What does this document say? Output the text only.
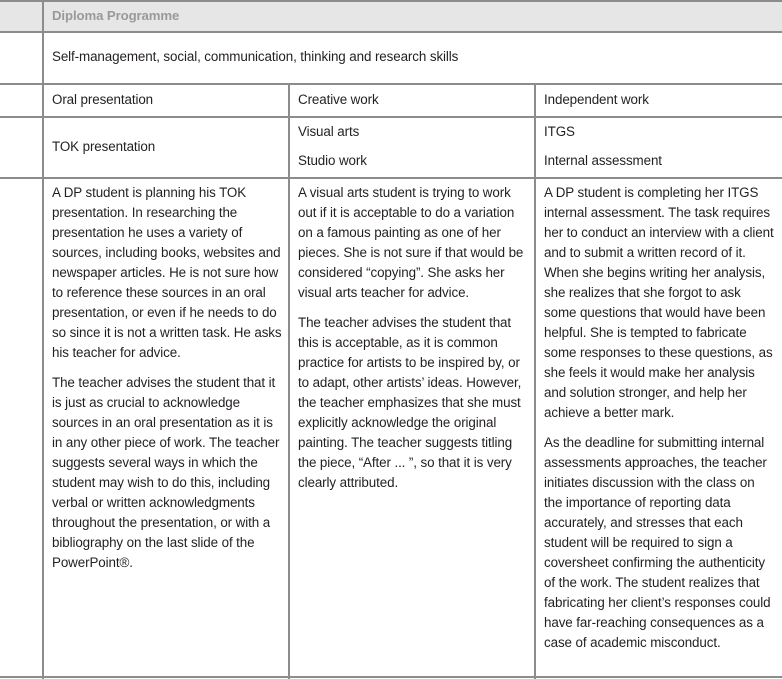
Diploma Programme
Self-management, social, communication, thinking and research skills
Oral presentation	Creative work	Independent work
TOK presentation
Visual arts
Studio work
ITGS
Internal assessment

A DP student is planning his TOK presentation. In researching the presentation he uses a variety of sources, including books, websites and newspaper articles. He is not sure how to reference these sources in an oral presentation, or even if he needs to do so since it is not a written task. He asks his teacher for advice.

The teacher advises the student that it is just as crucial to acknowledge sources in an oral presentation as it is in any other piece of work. The teacher suggests several ways in which the student may wish to do this, including verbal or written acknowledgments throughout the presentation, or with a bibliography on the last slide of the PowerPoint®.

A visual arts student is trying to work out if it is acceptable to do a variation on a famous painting as one of her pieces. She is not sure if that would be considered “copying”. She asks her visual arts teacher for advice.

The teacher advises the student that this is acceptable, as it is common practice for artists to be inspired by, or to adapt, other artists’ ideas. However, the teacher emphasizes that she must explicitly acknowledge the original painting. The teacher suggests titling the piece, “After ... ”, so that it is very clearly attributed.

A DP student is completing her ITGS internal assessment. The task requires her to conduct an interview with a client and to submit a written record of it. When she begins writing her analysis, she realizes that she forgot to ask some questions that would have been helpful. She is tempted to fabricate some responses to these questions, as she feels it would make her analysis and solution stronger, and help her achieve a better mark.

As the deadline for submitting internal assessments approaches, the teacher initiates discussion with the class on the importance of reporting data accurately, and stresses that each student will be required to sign a coversheet confirming the authenticity of the work. The student realizes that fabricating her client’s responses could have far-reaching consequences as a case of academic misconduct.
